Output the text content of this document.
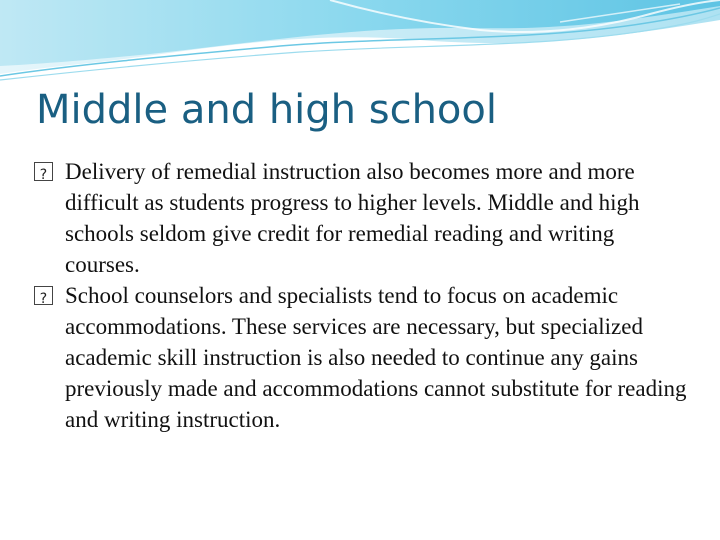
Middle and high school
?
Delivery of remedial instruction also becomes more and more difficult as students progress to higher levels. Middle and high schools seldom give credit for remedial reading and writing courses.
?
School counselors and specialists tend to focus on academic accommodations. These services are necessary, but specialized academic skill instruction is also needed to continue any gains previously made and accommodations cannot substitute for reading and writing instruction.
